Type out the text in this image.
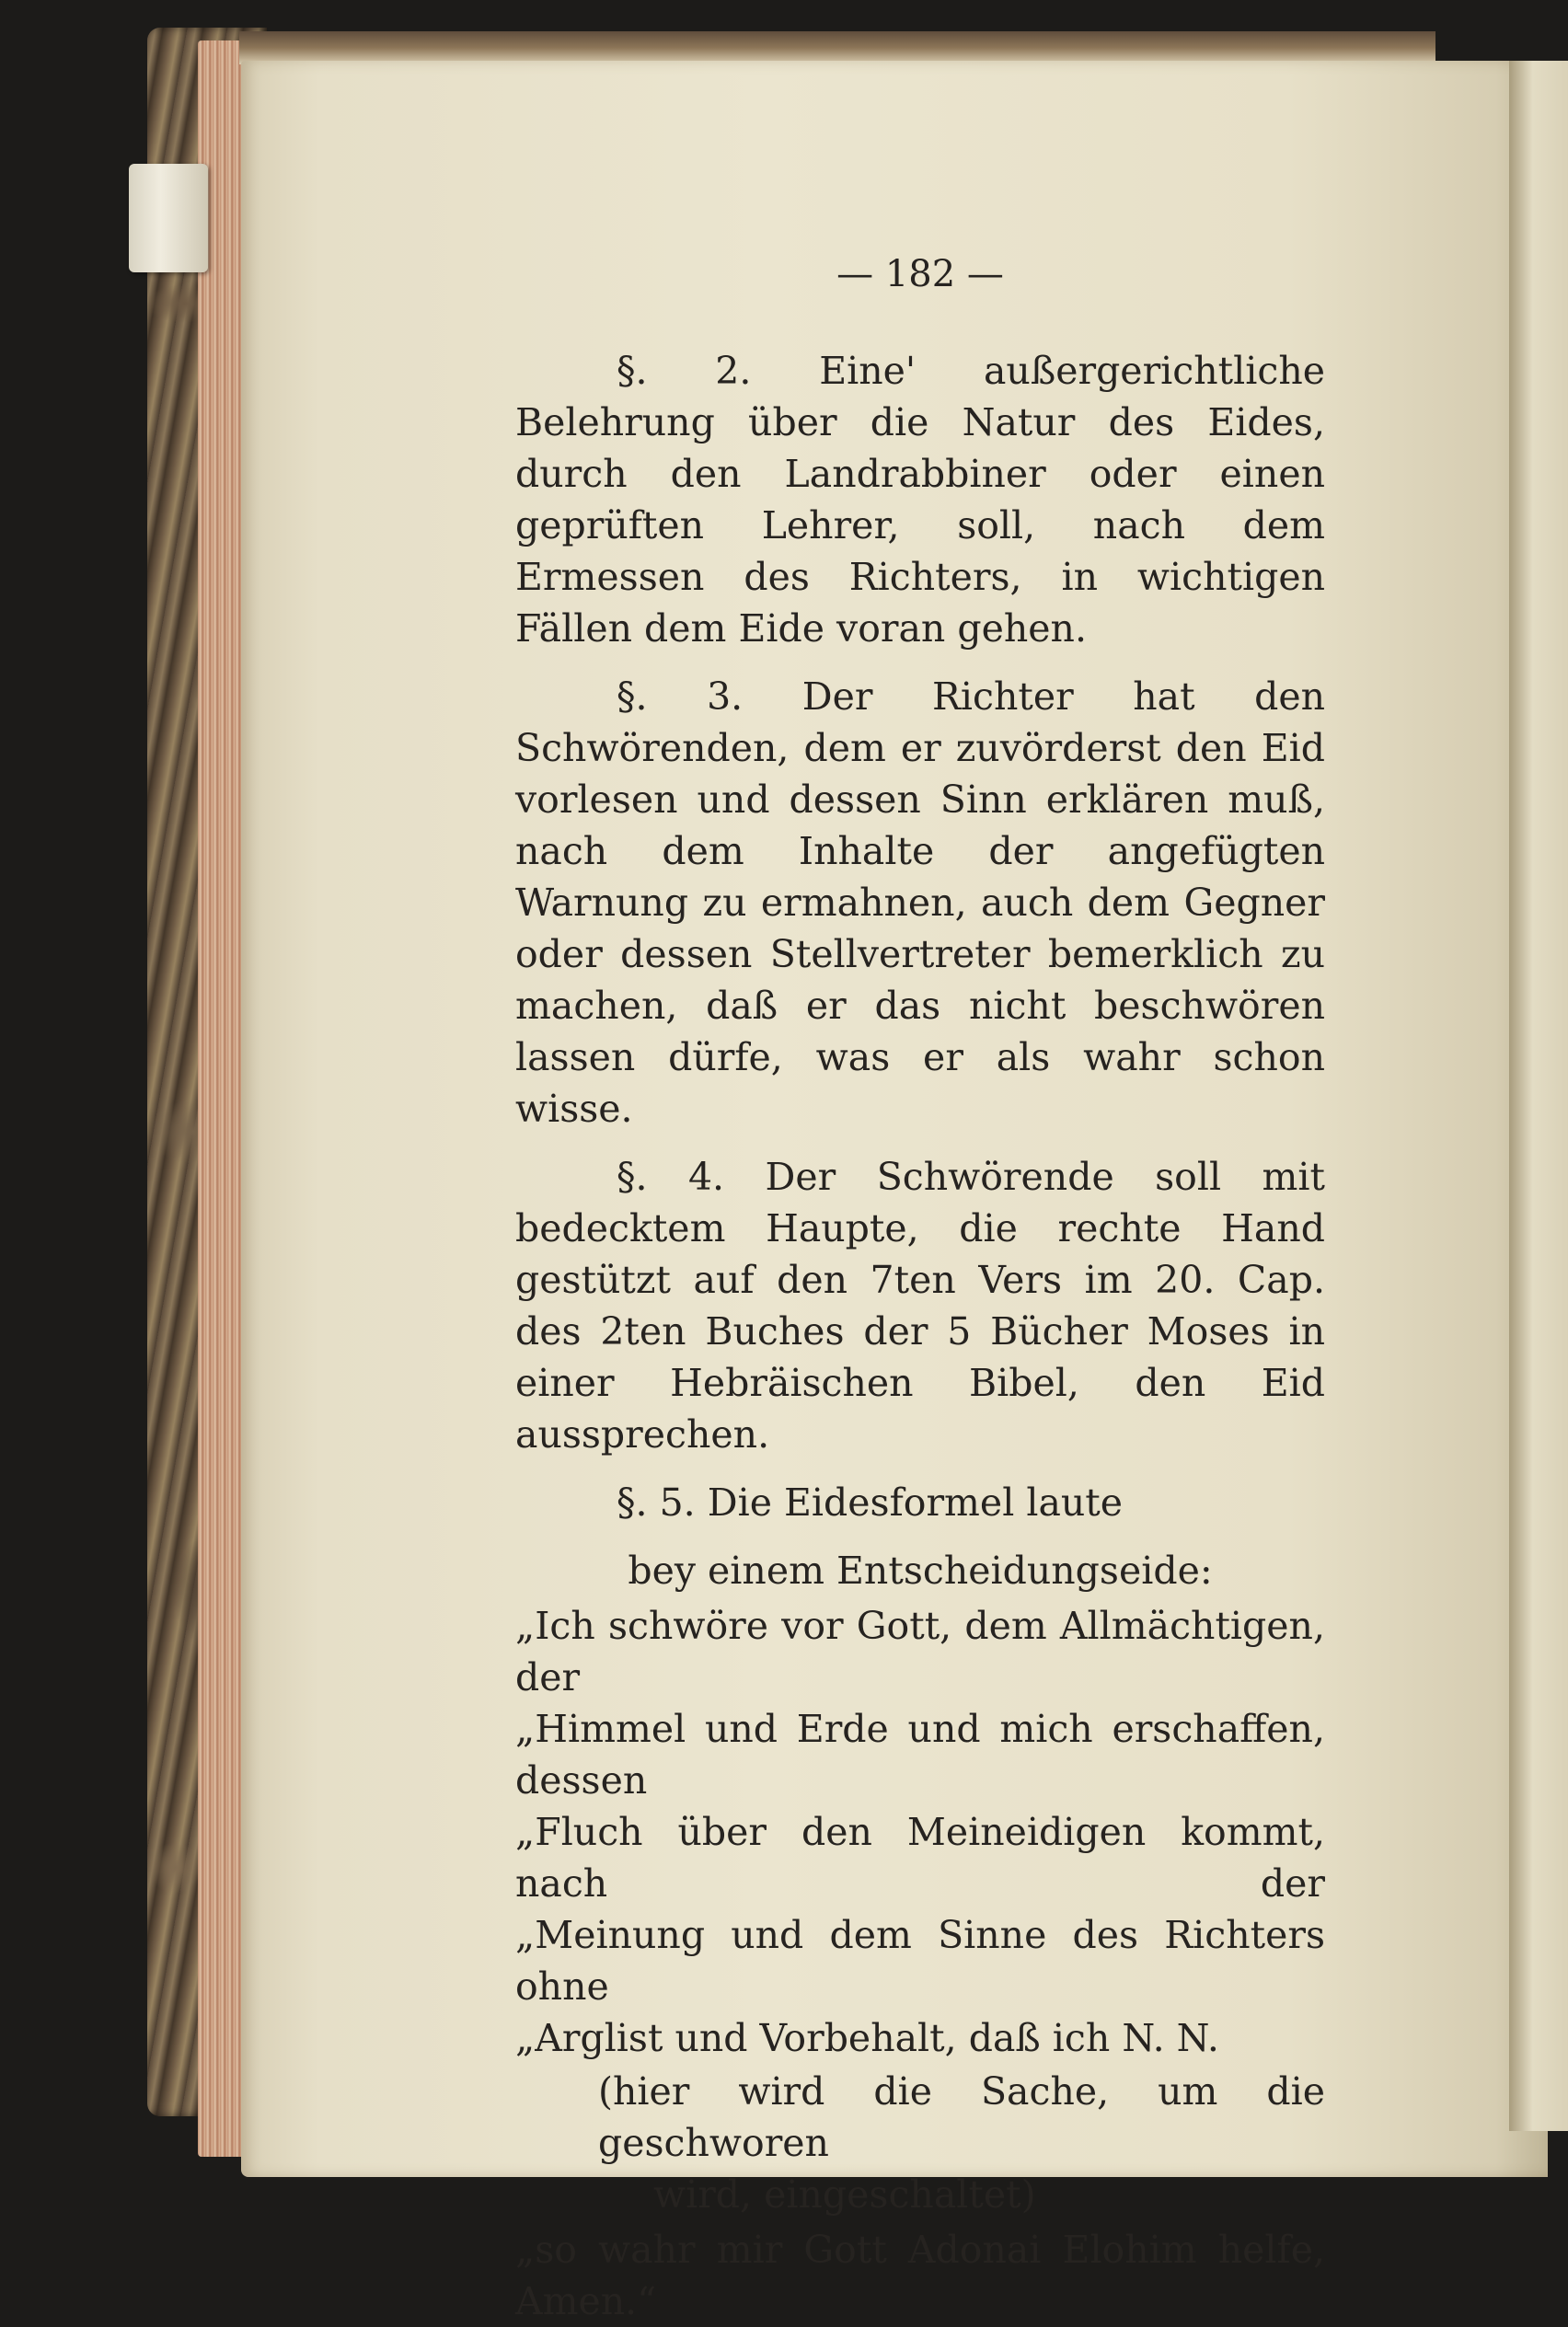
— 182 —

§. 2. Eine' außergerichtliche Belehrung über die Natur des Eides, durch den Landrabbiner oder einen geprüften Lehrer, soll, nach dem Ermessen des Richters, in wichtigen Fällen dem Eide voran gehen.

§. 3. Der Richter hat den Schwörenden, dem er zuvörderst den Eid vorlesen und dessen Sinn erklären muß, nach dem Inhalte der angefügten Warnung zu ermahnen, auch dem Gegner oder dessen Stellvertreter bemerklich zu machen, daß er das nicht beschwören lassen dürfe, was er als wahr schon wisse.

§. 4. Der Schwörende soll mit bedecktem Haupte, die rechte Hand gestützt auf den 7ten Vers im 20. Cap. des 2ten Buches der 5 Bücher Moses in einer Hebräischen Bibel, den Eid aussprechen.

§. 5. Die Eidesformel laute

bey einem Entscheidungseide:

„Ich schwöre vor Gott, dem Allmächtigen, der

„Himmel und Erde und mich erschaffen, dessen

„Fluch über den Meineidigen kommt, nach der

„Meinung und dem Sinne des Richters ohne

„Arglist und Vorbehalt, daß ich N. N.

(hier wird die Sache, um die geschworen

wird, eingeschaltet)

„so wahr mir Gott Adonai Elohim helfe, Amen.“
